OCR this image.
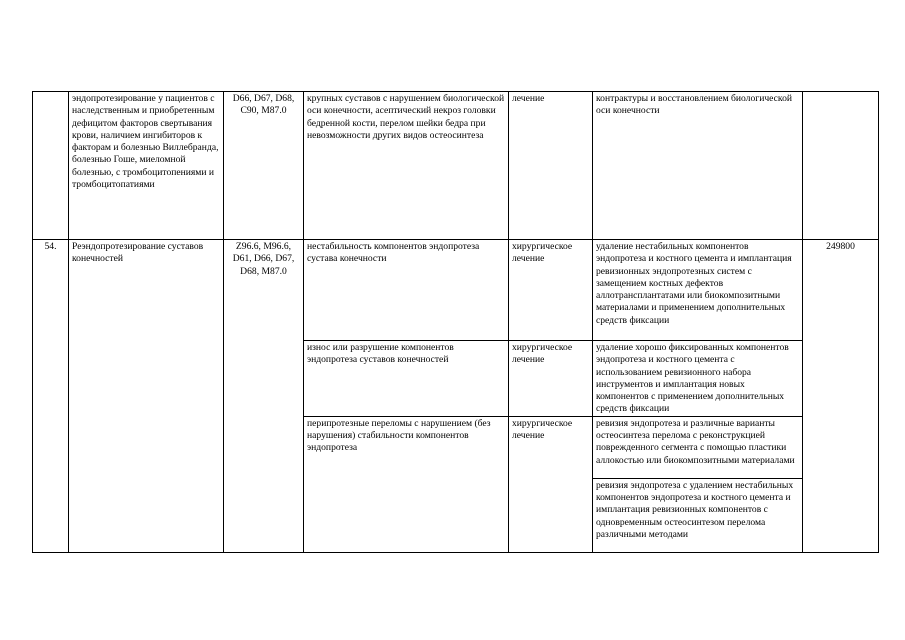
	эндопротезирование у пациентов с наследственным и приобретенным дефицитом факторов свертывания крови, наличием ингибиторов к факторам и болезнью Виллебранда, болезнью Гоше, миеломной болезнью, с тромбоцитопениями и тромбоцитопатиями	D66, D67, D68, C90, M87.0	крупных суставов с нарушением биологической оси конечности, асептический некроз головки бедренной кости, перелом шейки бедра при невозможности других видов остеосинтеза	лечение	контрактуры и восстановлением биологической оси конечности	
54.	Реэндопротезирование суставов конечностей	Z96.6, M96.6, D61, D66, D67, D68, M87.0	нестабильность компонентов эндопротеза сустава конечности	хирургическое лечение	удаление нестабильных компонентов эндопротеза и костного цемента и имплантация ревизионных эндопротезных систем с замещением костных дефектов аллотрансплантатами или биокомпозитными материалами и применением дополнительных средств фиксации	249800
			износ или разрушение компонентов эндопротеза суставов конечностей	хирургическое лечение	удаление хорошо фиксированных компонентов эндопротеза и костного цемента с использованием ревизионного набора инструментов и имплантация новых компонентов с применением дополнительных средств фиксации	
			перипротезные переломы с нарушением (без нарушения) стабильности компонентов эндопротеза	хирургическое лечение	ревизия эндопротеза и различные варианты остеосинтеза перелома с реконструкцией поврежденного сегмента с помощью пластики аллокостью или биокомпозитными материалами	
					ревизия эндопротеза с удалением нестабильных компонентов эндопротеза и костного цемента и имплантация ревизионных компонентов с одновременным остеосинтезом перелома различными методами	
